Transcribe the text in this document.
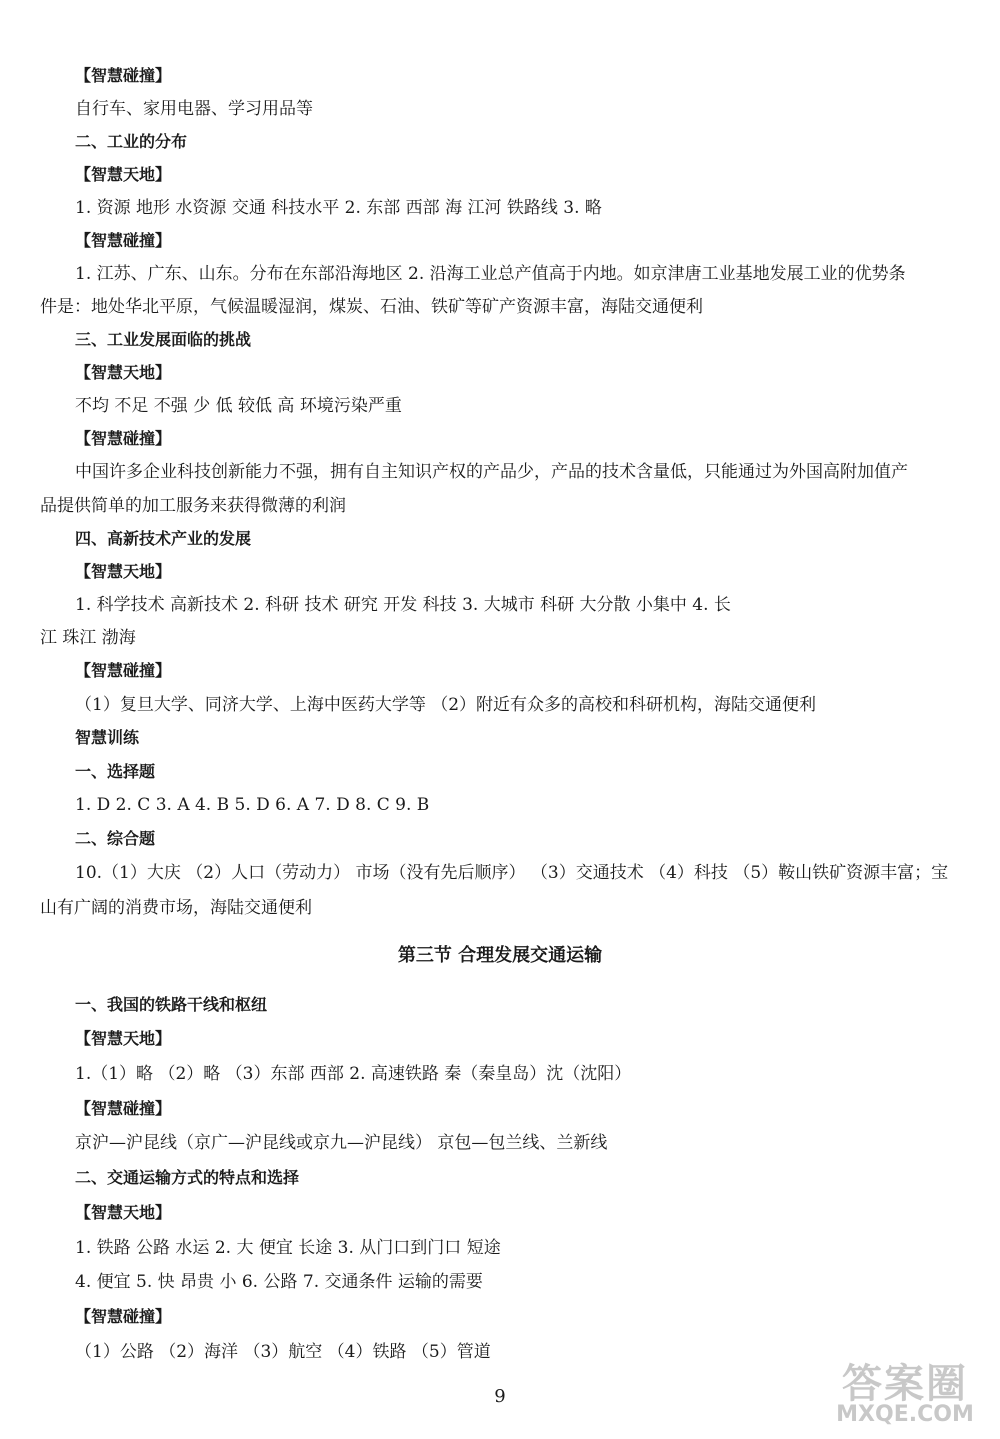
【智慧碰撞】
自行车、家用电器、学习用品等
二、工业的分布
【智慧天地】
1. 资源 地形 水资源 交通 科技水平 2. 东部 西部 海 江河 铁路线 3. 略
【智慧碰撞】
1. 江苏、广东、山东。分布在东部沿海地区 2. 沿海工业总产值高于内地。如京津唐工业基地发展工业的优势条
件是：地处华北平原，气候温暖湿润，煤炭、石油、铁矿等矿产资源丰富，海陆交通便利
三、工业发展面临的挑战
【智慧天地】
不均 不足 不强 少 低 较低 高 环境污染严重
【智慧碰撞】
中国许多企业科技创新能力不强，拥有自主知识产权的产品少，产品的技术含量低，只能通过为外国高附加值产
品提供简单的加工服务来获得微薄的利润
四、高新技术产业的发展
【智慧天地】
1. 科学技术 高新技术 2. 科研 技术 研究 开发 科技 3. 大城市 科研 大分散 小集中 4. 长
江 珠江 渤海
【智慧碰撞】
（1）复旦大学、同济大学、上海中医药大学等 （2）附近有众多的高校和科研机构，海陆交通便利
智慧训练
一、选择题
1. D 2. C 3. A 4. B 5. D 6. A 7. D 8. C 9. B
二、综合题
10.（1）大庆 （2）人口（劳动力） 市场（没有先后顺序） （3）交通技术 （4）科技 （5）鞍山铁矿资源丰富；宝
山有广阔的消费市场，海陆交通便利
第三节 合理发展交通运输
一、我国的铁路干线和枢纽
【智慧天地】
1.（1）略 （2）略 （3）东部 西部 2. 高速铁路 秦（秦皇岛）沈（沈阳）
【智慧碰撞】
京沪—沪昆线（京广—沪昆线或京九—沪昆线） 京包—包兰线、兰新线
二、交通运输方式的特点和选择
【智慧天地】
1. 铁路 公路 水运 2. 大 便宜 长途 3. 从门口到门口 短途
4. 便宜 5. 快 昂贵 小 6. 公路 7. 交通条件 运输的需要
【智慧碰撞】
（1）公路 （2）海洋 （3）航空 （4）铁路 （5）管道
9	答案圈
MXQE.COM
